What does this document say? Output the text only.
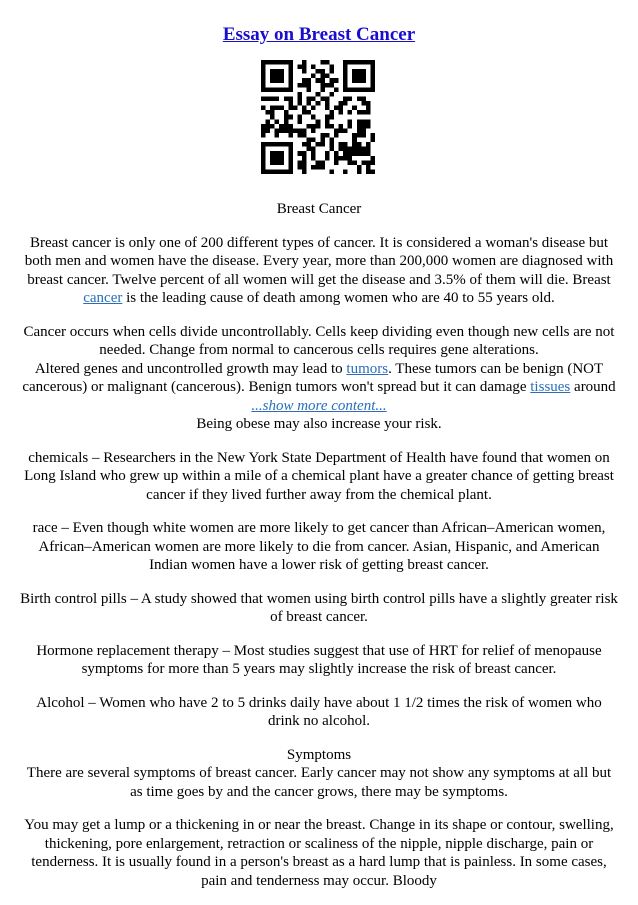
Essay on Breast Cancer

Breast Cancer

Breast cancer is only one of 200 different types of cancer. It is considered a woman's disease but both men and women have the disease. Every year, more than 200,000 women are diagnosed with breast cancer. Twelve percent of all women will get the disease and 3.5% of them will die. Breast cancer is the leading cause of death among women who are 40 to 55 years old.

Cancer occurs when cells divide uncontrollably. Cells keep dividing even though new cells are not needed. Change from normal to cancerous cells requires gene alterations.
Altered genes and uncontrolled growth may lead to tumors. These tumors can be benign (NOT cancerous) or malignant (cancerous). Benign tumors won't spread but it can damage tissues around
...show more content...
Being obese may also increase your risk.

chemicals – Researchers in the New York State Department of Health have found that women on Long Island who grew up within a mile of a chemical plant have a greater chance of getting breast cancer if they lived further away from the chemical plant.

race – Even though white women are more likely to get cancer than African–American women, African–American women are more likely to die from cancer. Asian, Hispanic, and American Indian women have a lower risk of getting breast cancer.

Birth control pills – A study showed that women using birth control pills have a slightly greater risk of breast cancer.

Hormone replacement therapy – Most studies suggest that use of HRT for relief of menopause symptoms for more than 5 years may slightly increase the risk of breast cancer.

Alcohol – Women who have 2 to 5 drinks daily have about 1 1/2 times the risk of women who drink no alcohol.

Symptoms

There are several symptoms of breast cancer. Early cancer may not show any symptoms at all but as time goes by and the cancer grows, there may be symptoms.

You may get a lump or a thickening in or near the breast. Change in its shape or contour, swelling, thickening, pore enlargement, retraction or scaliness of the nipple, nipple discharge, pain or tenderness. It is usually found in a person's breast as a hard lump that is painless. In some cases, pain and tenderness may occur. Bloody
